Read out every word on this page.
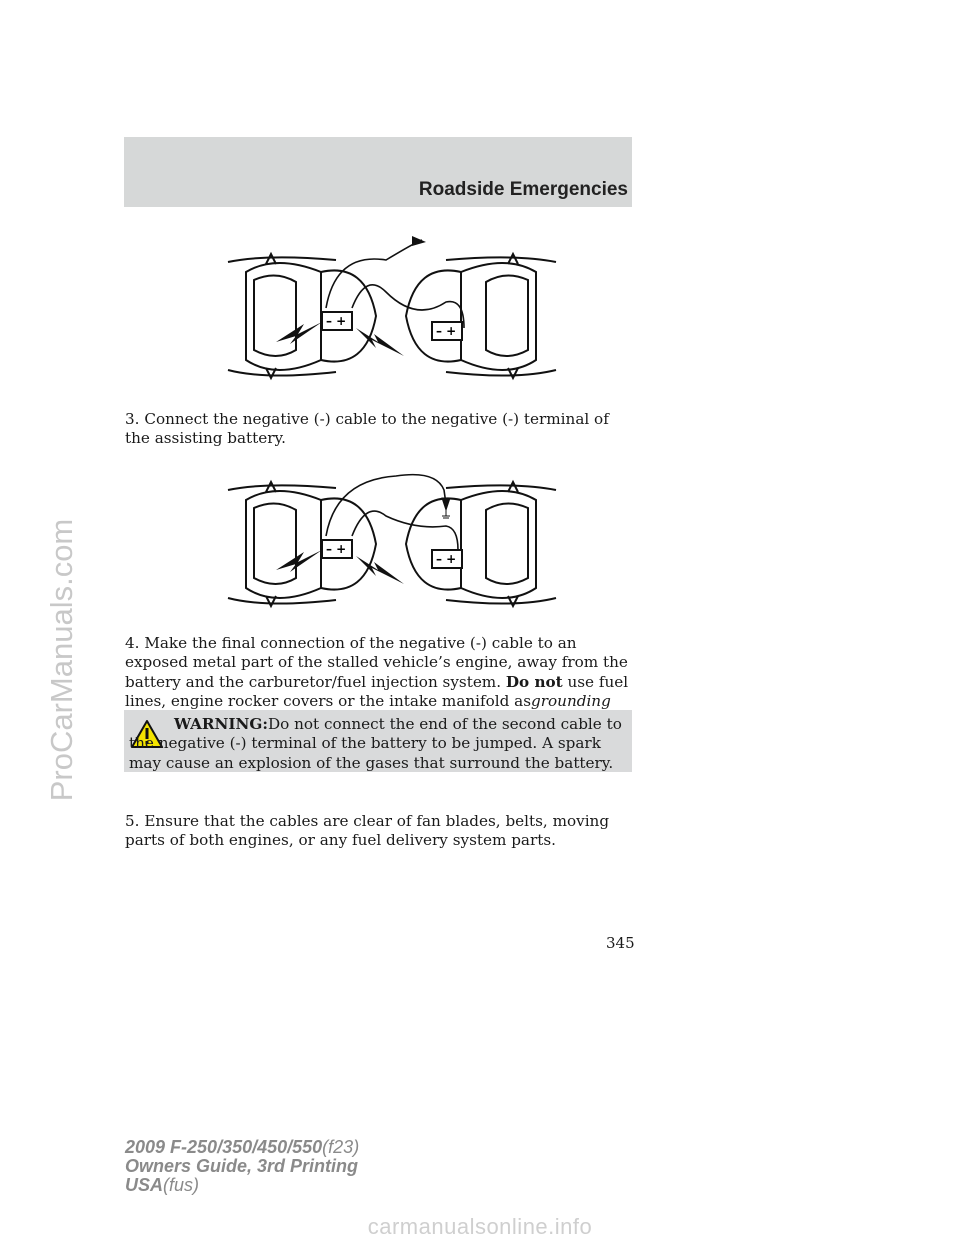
Roadside Emergencies
– +
– +

3. Connect the negative (-) cable to the negative (-) terminal of the assisting battery.

– +
– +

4. Make the final connection of the negative (-) cable to an exposed metal part of the stalled vehicle’s engine, away from the battery and the carburetor/fuel injection system. Do not use fuel lines, engine rocker covers or the intake manifold asgrounding

WARNING:Do not connect the end of the second cable to the negative (-) terminal of the battery to be jumped. A spark may cause an explosion of the gases that surround the battery.

5. Ensure that the cables are clear of fan blades, belts, moving parts of both engines, or any fuel delivery system parts.

345
2009 F-250/350/450/550(f23)
Owners Guide, 3rd Printing
USA(fus)
ProCarManuals.com
carmanualsonline.info
